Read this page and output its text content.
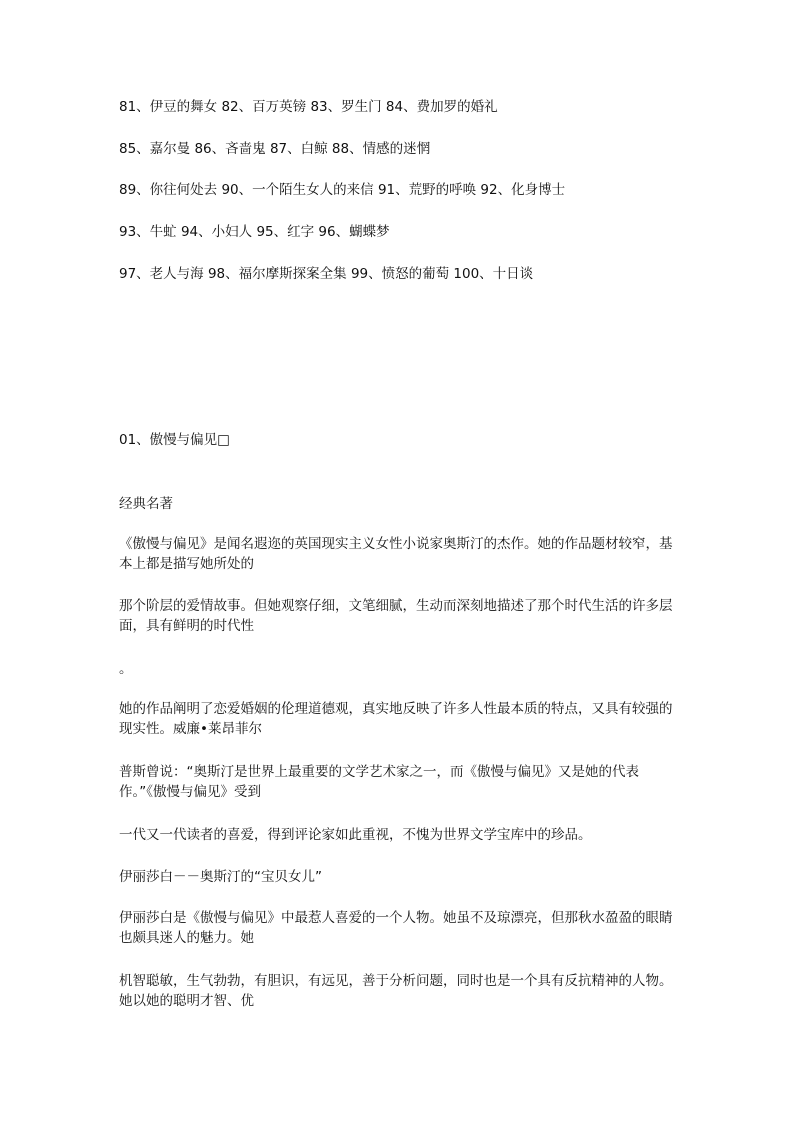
81、伊豆的舞女 82、百万英镑 83、罗生门 84、费加罗的婚礼

85、嘉尔曼 86、吝啬鬼 87、白鲸 88、情感的迷惘

89、你往何处去 90、一个陌生女人的来信 91、荒野的呼唤 92、化身博士

93、牛虻 94、小妇人 95、红字 96、蝴蝶梦

97、老人与海 98、福尔摩斯探案全集 99、愤怒的葡萄 100、十日谈

01、傲慢与偏见□

经典名著

《傲慢与偏见》是闻名遐迩的英国现实主义女性小说家奥斯汀的杰作。她的作品题材较窄，基本上都是描写她所处的

那个阶层的爱情故事。但她观察仔细，文笔细腻，生动而深刻地描述了那个时代生活的许多层面，具有鲜明的时代性

。

她的作品阐明了恋爱婚姻的伦理道德观，真实地反映了许多人性最本质的特点，又具有较强的现实性。威廉•莱昂菲尔

普斯曾说：“奥斯汀是世界上最重要的文学艺术家之一，而《傲慢与偏见》又是她的代表作。”《傲慢与偏见》受到

一代又一代读者的喜爱，得到评论家如此重视，不愧为世界文学宝库中的珍品。

伊丽莎白－－奥斯汀的“宝贝女儿”

伊丽莎白是《傲慢与偏见》中最惹人喜爱的一个人物。她虽不及琼漂亮，但那秋水盈盈的眼睛也颇具迷人的魅力。她

机智聪敏，生气勃勃，有胆识，有远见，善于分析问题，同时也是一个具有反抗精神的人物。她以她的聪明才智、优
